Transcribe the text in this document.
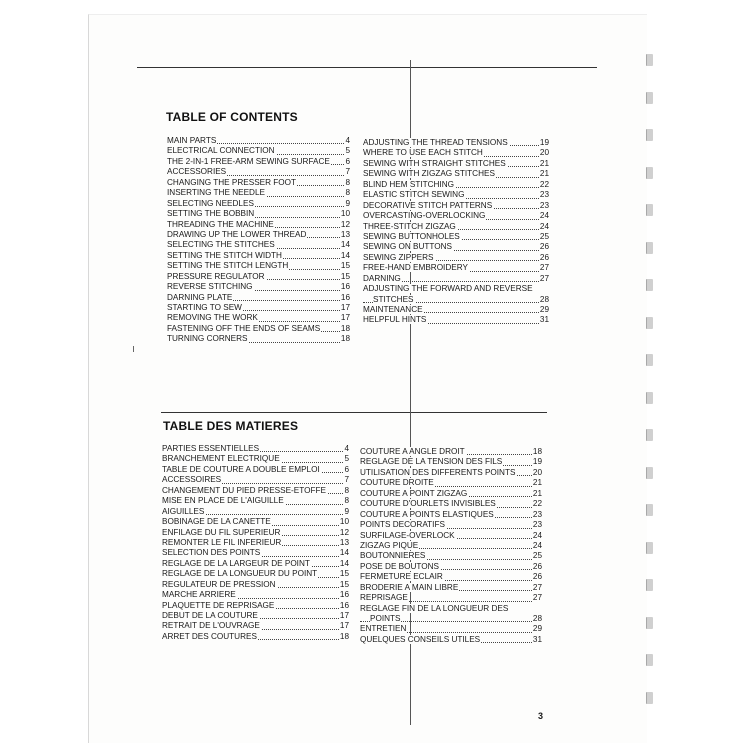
TABLE OF CONTENTS
MAIN PARTS	4
ELECTRICAL CONNECTION	5
THE 2-IN-1 FREE-ARM SEWING SURFACE 6
ACCESSORIES	7
CHANGING THE PRESSER FOOT	8
INSERTING THE NEEDLE	8
SELECTING NEEDLES	9
SETTING THE BOBBIN	10
THREADING THE MACHINE	12
DRAWING UP THE LOWER THREAD	13
SELECTING THE STITCHES	14
SETTING THE STITCH WIDTH	14
SETTING THE STITCH LENGTH	15
PRESSURE REGULATOR	15
REVERSE STITCHING	16
DARNING PLATE	16
STARTING TO SEW	17
REMOVING THE WORK	17
FASTENING OFF THE ENDS OF SEAMS	18
TURNING CORNERS	18
ADJUSTING THE THREAD TENSIONS	19
WHERE TO USE EACH STITCH	20
SEWING WITH STRAIGHT STITCHES	21
SEWING WITH ZIGZAG STITCHES	21
BLIND HEM STITCHING	22
ELASTIC STITCH SEWING	23
DECORATIVE STITCH PATTERNS	23
OVERCASTING-OVERLOCKING	24
THREE-STITCH ZIGZAG	24
SEWING BUTTONHOLES	25
SEWING ON BUTTONS	26
SEWING ZIPPERS	26
FREE-HAND EMBROIDERY	27
DARNING	27
ADJUSTING THE FORWARD AND REVERSE
STITCHES	28
MAINTENANCE	29
HELPFUL HINTS	31
TABLE DES MATIERES
PARTIES ESSENTIELLES	4
BRANCHEMENT ELECTRIQUE	5
TABLE DE COUTURE A DOUBLE EMPLOI	6
ACCESSOIRES	7
CHANGEMENT DU PIED PRESSE-ETOFFE 8
MISE EN PLACE DE L'AIGUILLE	8
AIGUILLES	9
BOBINAGE DE LA CANETTE	10
ENFILAGE DU FIL SUPERIEUR	12
REMONTER LE FIL INFERIEUR	13
SELECTION DES POINTS	14
REGLAGE DE LA LARGEUR DE POINT	14
REGLAGE DE LA LONGUEUR DU POINT	15
REGULATEUR DE PRESSION	15
MARCHE ARRIERE	16
PLAQUETTE DE REPRISAGE	16
DEBUT DE LA COUTURE	17
RETRAIT DE L'OUVRAGE	17
ARRET DES COUTURES	18
COUTURE A ANGLE DROIT	18
REGLAGE DE LA TENSION DES FILS	19
UTILISATION DES DIFFERENTS POINTS 20
COUTURE DROITE	21
COUTURE A POINT ZIGZAG	21
COUTURE D'OURLETS INVISIBLES	22
COUTURE A POINTS ELASTIQUES	23
POINTS DECORATIFS	23
SURFILAGE-OVERLOCK	24
ZIGZAG PIQUE	24
BOUTONNIERES	25
POSE DE BOUTONS	26
FERMETURE ECLAIR	26
BRODERIE A MAIN LIBRE	27
REPRISAGE	27
REGLAGE FIN DE LA LONGUEUR DES
POINTS	28
ENTRETIEN	29
QUELQUES CONSEILS UTILES	31
3
